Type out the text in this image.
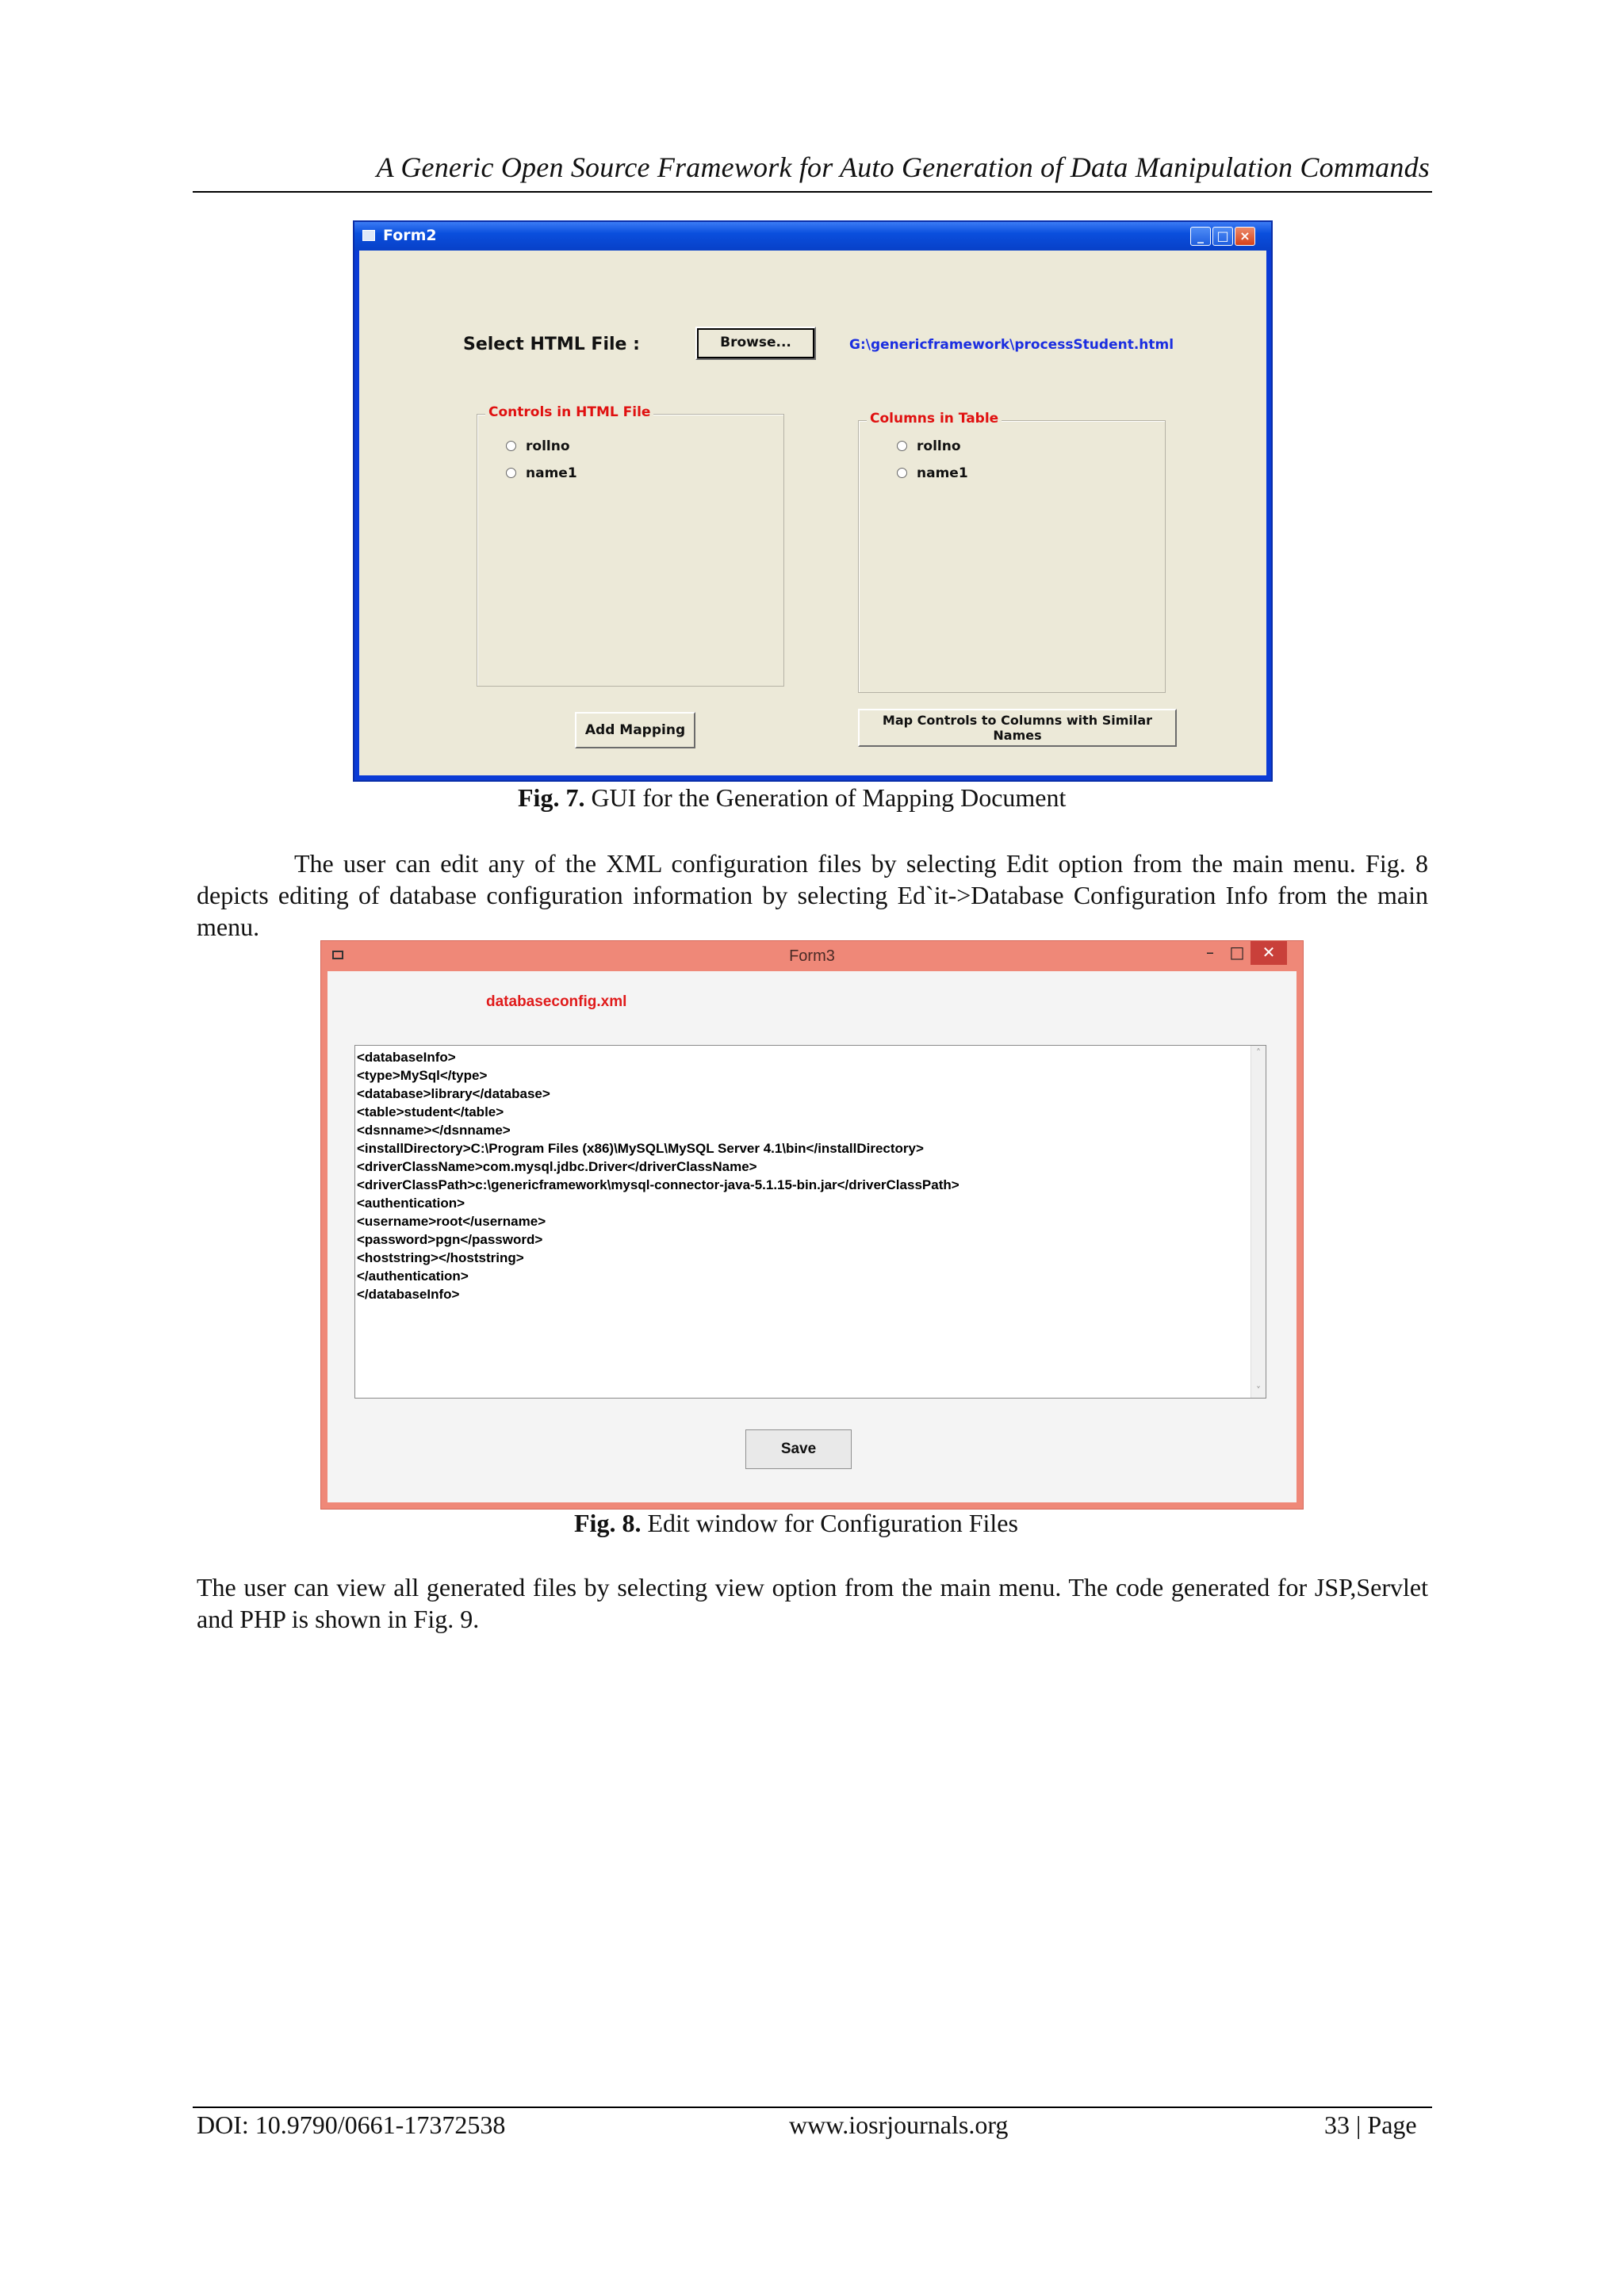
A Generic Open Source Framework for Auto Generation of Data Manipulation Commands
Form2	_	□ ×
Select HTML File :	Browse...	G:\genericframework\processStudent.html
Controls in HTML File
rollno
name1
Columns in Table
rollno
name1
Add Mapping
Map Controls to Columns with Similar
Names
Fig. 7. GUI for the Generation of Mapping Document
The user can edit any of the XML configuration files by selecting Edit option from the main menu. Fig. 8 depicts editing of database configuration information by selecting Ed`it->Database Configuration Info from the main menu.
Form3	– □	✕
databaseconfig.xml
<databaseInfo>
<type>MySql</type>
<database>library</database>
<table>student</table>
<dsnname></dsnname>
<installDirectory>C:\Program Files (x86)\MySQL\MySQL Server 4.1\bin</installDirectory>
<driverClassName>com.mysql.jdbc.Driver</driverClassName>
<driverClassPath>c:\genericframework\mysql-connector-java-5.1.15-bin.jar</driverClassPath>
<authentication>
<username>root</username>
<password>pgn</password>
<hoststring></hoststring>
</authentication>
</databaseInfo>
˄
˅
Save
Fig. 8. Edit window for Configuration Files
The user can view all generated files by selecting view option from the main menu. The code generated for JSP,Servlet and PHP is shown in Fig. 9.
DOI: 10.9790/0661-17372538	www.iosrjournals.org	33 | Page
